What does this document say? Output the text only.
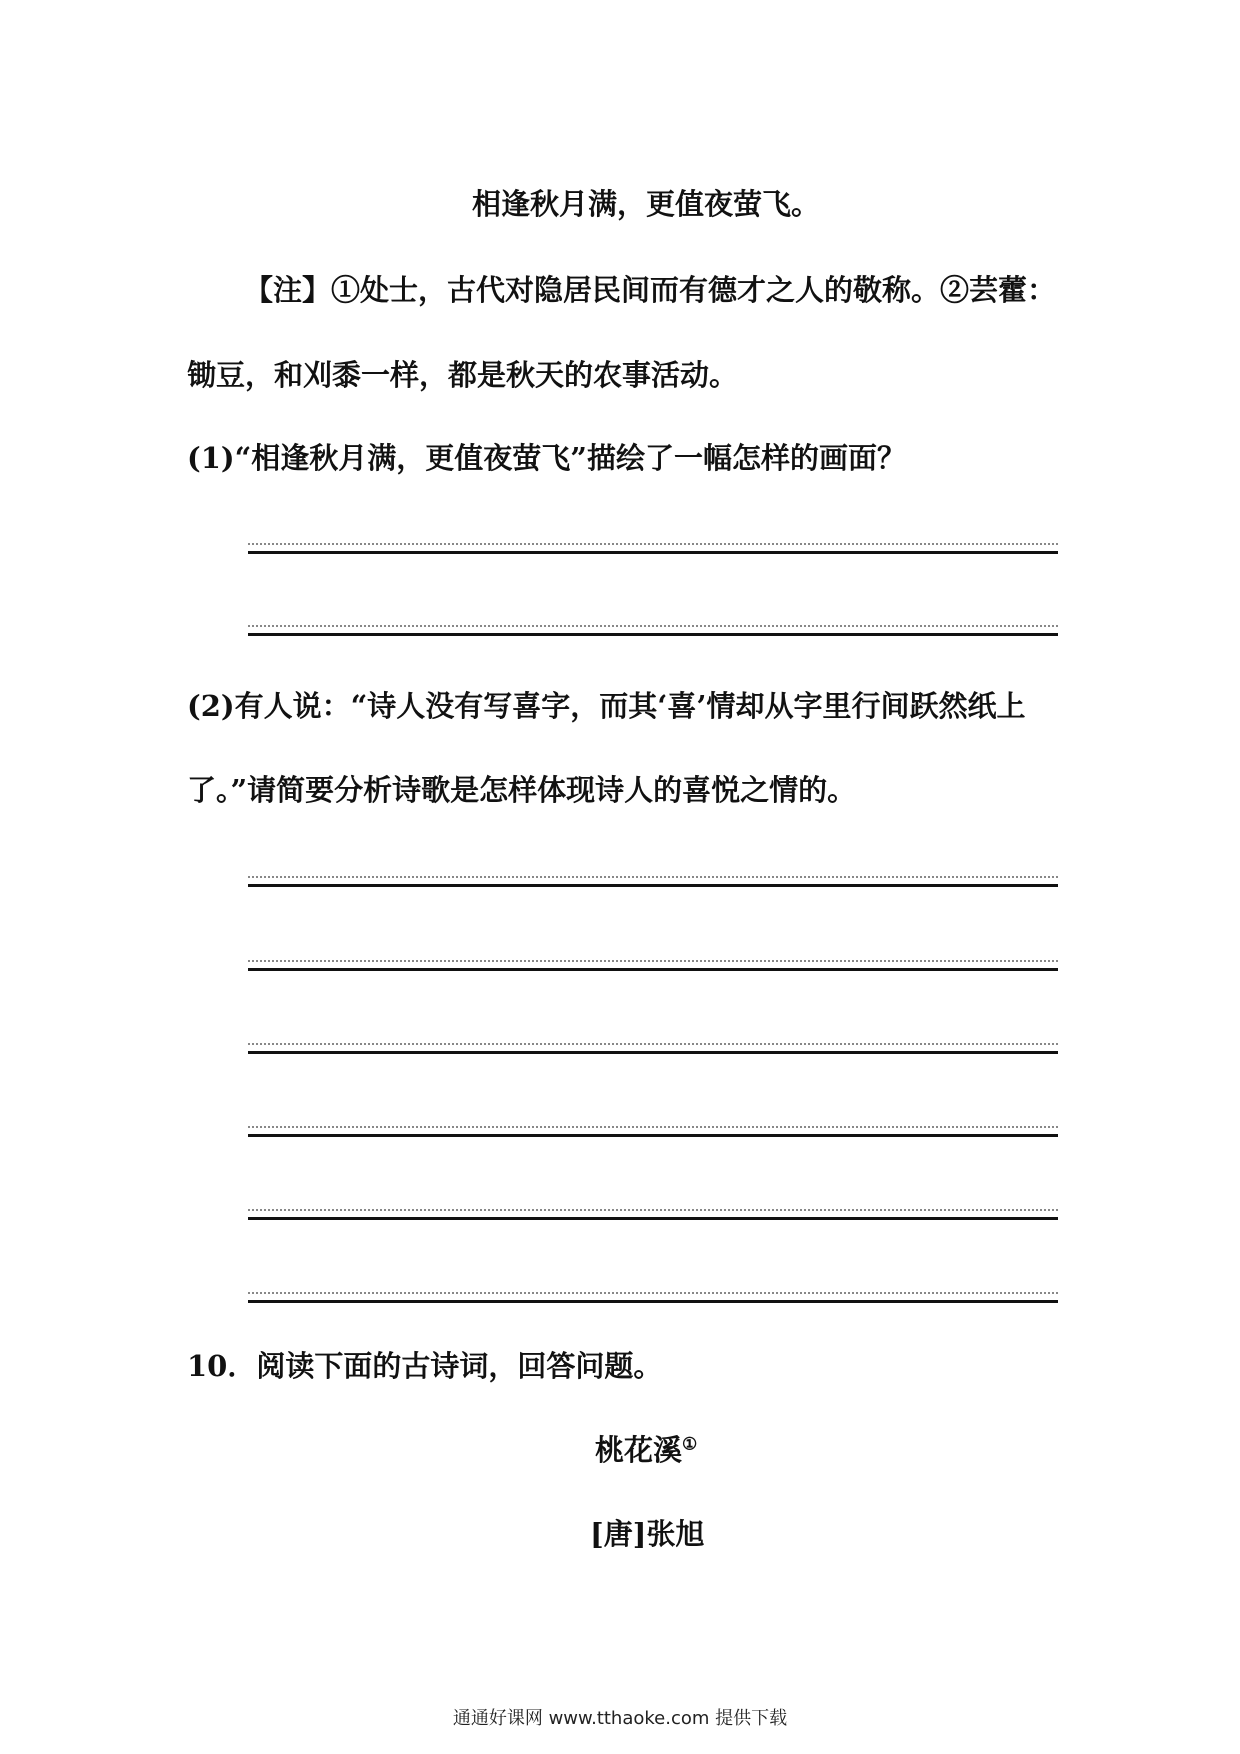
相逢秋月满，更值夜萤飞。
【注】①处士，古代对隐居民间而有德才之人的敬称。②芸藿：
锄豆，和刈黍一样，都是秋天的农事活动。
(1)“相逢秋月满，更值夜萤飞”描绘了一幅怎样的画面？
(2)有人说：“诗人没有写喜字，而其‘喜’情却从字里行间跃然纸上
了。”请简要分析诗歌是怎样体现诗人的喜悦之情的。
10．阅读下面的古诗词，回答问题。
桃花溪①
[唐]张旭
通通好课网 www.tthaoke.com 提供下载
